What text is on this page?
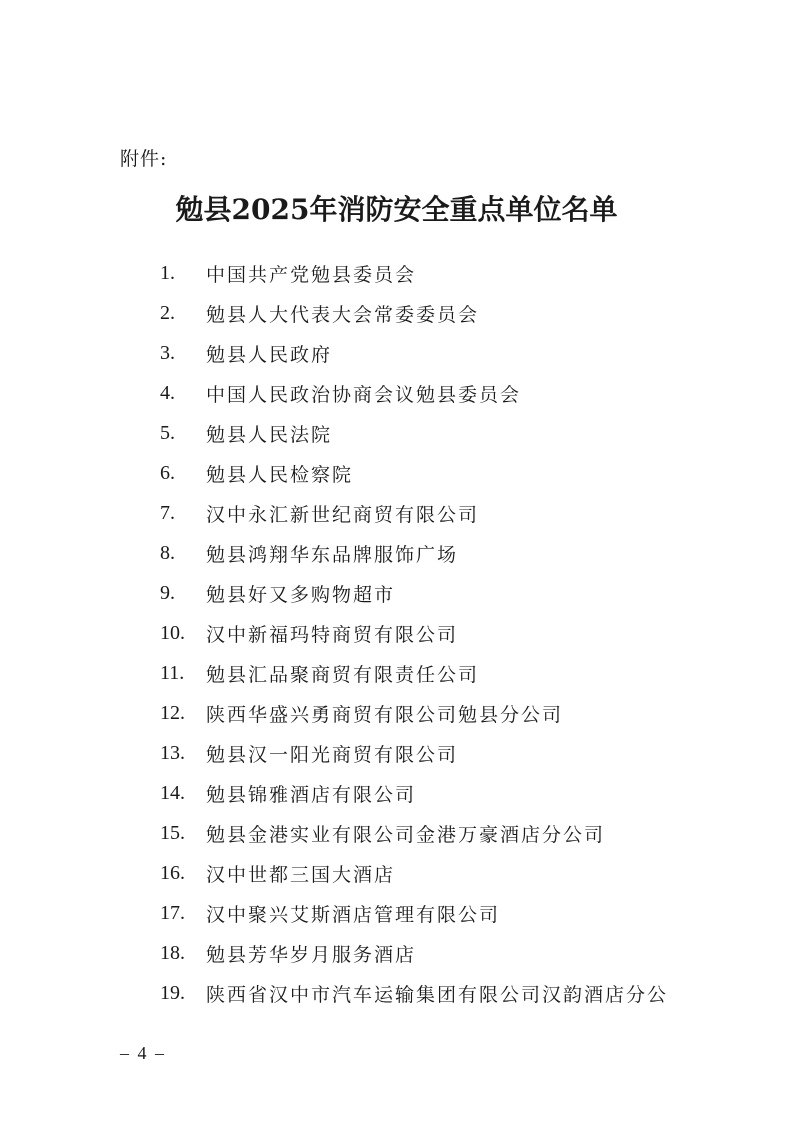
附件:
勉县2025年消防安全重点单位名单
1.	中国共产党勉县委员会
2.	勉县人大代表大会常委委员会
3.	勉县人民政府
4.	中国人民政治协商会议勉县委员会
5.	勉县人民法院
6.	勉县人民检察院
7.	汉中永汇新世纪商贸有限公司
8.	勉县鸿翔华东品牌服饰广场
9.	勉县好又多购物超市
10.	汉中新福玛特商贸有限公司
11.	勉县汇品聚商贸有限责任公司
12.	陕西华盛兴勇商贸有限公司勉县分公司
13.	勉县汉一阳光商贸有限公司
14.	勉县锦雅酒店有限公司
15.	勉县金港实业有限公司金港万豪酒店分公司
16.	汉中世都三国大酒店
17.	汉中聚兴艾斯酒店管理有限公司
18.	勉县芳华岁月服务酒店
19.	陕西省汉中市汽车运输集团有限公司汉韵酒店分公
– 4 –
